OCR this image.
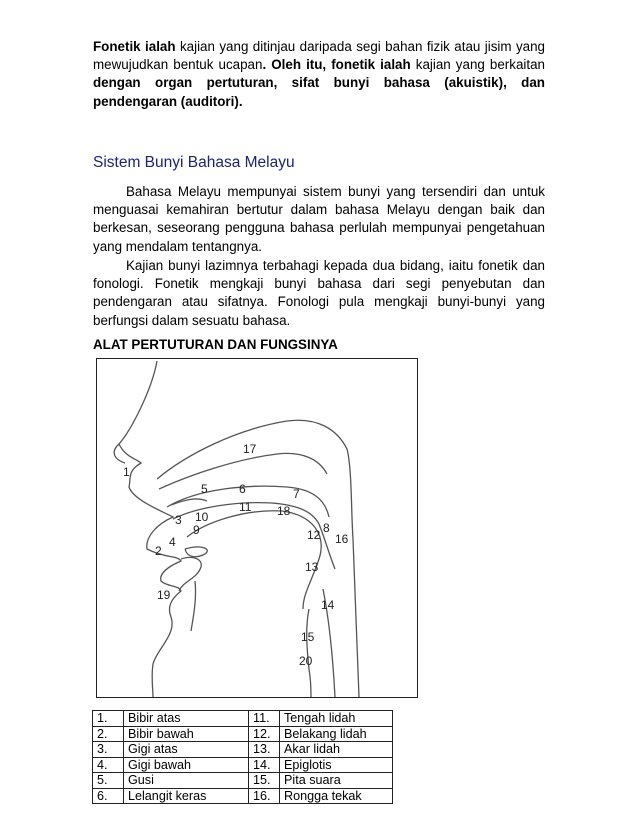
Fonetik ialah kajian yang ditinjau daripada segi bahan fizik atau jisim yang mewujudkan bentuk ucapan. Oleh itu, fonetik ialah kajian yang berkaitan dengan organ pertuturan, sifat bunyi bahasa (akuistik), dan pendengaran (auditori).
Sistem Bunyi Bahasa Melayu
Bahasa Melayu mempunyai sistem bunyi yang tersendiri dan untuk menguasai kemahiran bertutur dalam bahasa Melayu dengan baik dan berkesan, seseorang pengguna bahasa perlulah mempunyai pengetahuan yang mendalam tentangnya.
Kajian bunyi lazimnya terbahagi kepada dua bidang, iaitu fonetik dan fonologi. Fonetik mengkaji bunyi bahasa dari segi penyebutan dan pendengaran atau sifatnya. Fonologi pula mengkaji bunyi-bunyi yang berfungsi dalam sesuatu bahasa.
ALAT PERTUTURAN DAN FUNGSINYA
1
2
3
4
5	6	7
8
9
10
11
12
13
14
15
16
17
18
19
20
1.	Bibir atas	11.	Tengah lidah
2.	Bibir bawah	12.	Belakang lidah
3.	Gigi atas	13.	Akar lidah
4.	Gigi bawah	14.	Epiglotis
5.	Gusi	15.	Pita suara
6.	Lelangit keras	16.	Rongga tekak
